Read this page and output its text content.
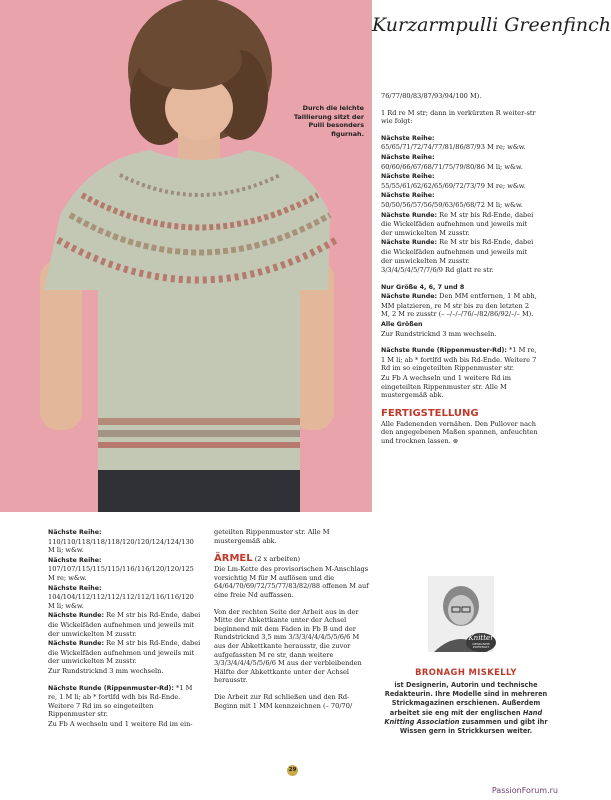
Durch die leichte Taillierung sitzt der Pulli besonders figurnah.
Kurzarmpulli Greenfinch

76/77/80/83/87/93/94/100 M).

1 Rd re M str; dann in verkürzten R weiter-str wie folgt:

Nächste Reihe: 65/65/71/72/74/77/81/86/87/93 M re; w&w.

Nächste Reihe: 60/60/66/67/68/71/75/79/80/86 M li; w&w.

Nächste Reihe: 55/55/61/62/62/65/69/72/73/79 M re; w&w.

Nächste Reihe: 50/50/56/57/56/59/63/65/68/72 M li; w&w.

Nächste Runde: Re M str bis Rd-Ende, dabei die Wickelfäden aufnehmen und jeweils mit der umwickelten M zusstr.

Nächste Runde: Re M str bis Rd-Ende, dabei die Wickelfäden aufnehmen und jeweils mit der umwickelten M zusstr.

3/3/4/5/4/5/7/7/6/9 Rd glatt re str.

Nur Größe 4, 6, 7 und 8

Nächste Runde: Den MM entfernen, 1 M abh, MM platzieren, re M str bis zu den letzten 2 M, 2 M re zusstr (– –/–/–/76/–/82/86/92/–/– M).

Alle Größen

Zur Rundstricknd 3 mm wechseln.

Nächste Runde (Rippenmuster-Rd): *1 M re, 1 M li; ab * fortlfd wdh bis Rd-Ende. Weitere 7 Rd im so eingeteilten Rippenmuster str.

Zu Fb A wechseln und 1 weitere Rd im eingeteilten Rippenmuster str. Alle M mustergemäß abk.

FERTIGSTELLUNG

Alle Fadenenden vernähen. Den Pullover nach den angegebenen Maßen spannen, anfeuchten und trocknen lassen. ⊜

Nächste Reihe: 110/110/118/118/118/120/120/124/124/130 M li; w&w.

Nächste Reihe: 107/107/115/115/115/116/116/120/120/125 M re; w&w.

Nächste Reihe: 104/104/112/112/112/112/112/116/116/120 M li; w&w.

Nächste Runde: Re M str bis Rd-Ende, dabei die Wickelfäden aufnehmen und jeweils mit der umwickelten M zusstr.

Nächste Runde: Re M str bis Rd-Ende, dabei die Wickelfäden aufnehmen und jeweils mit der umwickelten M zusstr.

Zur Rundstricknd 3 mm wechseln.

Nächste Runde (Rippenmuster-Rd): *1 M re, 1 M li; ab * fortlfd wdh bis Rd-Ende. Weitere 7 Rd im so eingeteilten Rippenmuster str.

Zu Fb A wechseln und 1 weitere Rd im ein-

geteilten Rippenmuster str. Alle M mustergemäß abk.

ÄRMEL (2 x arbeiten)

Die Lm-Kette des provisorischen M-Anschlags vorsichtig M für M auflösen und die 64/64/70/69/72/75/77/83/82//88 offenen M auf eine freie Nd auffassen.

Von der rechten Seite der Arbeit aus in der Mitte der Abkettkante unter der Achsel beginnend mit dem Faden in Fb B und der Rundstricknd 3,5 mm 3/3/3/4/4/4/5/5/6/6 M aus der Abkettkante herausstr, die zuvor aufgefassten M re str, dann weitere 3/3/3/4/4/4/5/5/6/6 M aus der verbleibenden Hälfte der Abkettkante unter der Achsel herausstr.

Die Arbeit zur Rd schließen und den Rd-Beginn mit 1 MM kennzeichnen (– 70/70/

Knitter
DESIGNER PORTRAIT
BRONAGH MISKELLY
ist Designerin, Autorin und technische Redakteurin. Ihre Modelle sind in mehreren Strickmagazinen erschienen. Außerdem arbeitet sie eng mit der englischen Hand Knitting Association zusammen und gibt ihr Wissen gern in Strickkursen weiter.
29
PassionForum.ru
